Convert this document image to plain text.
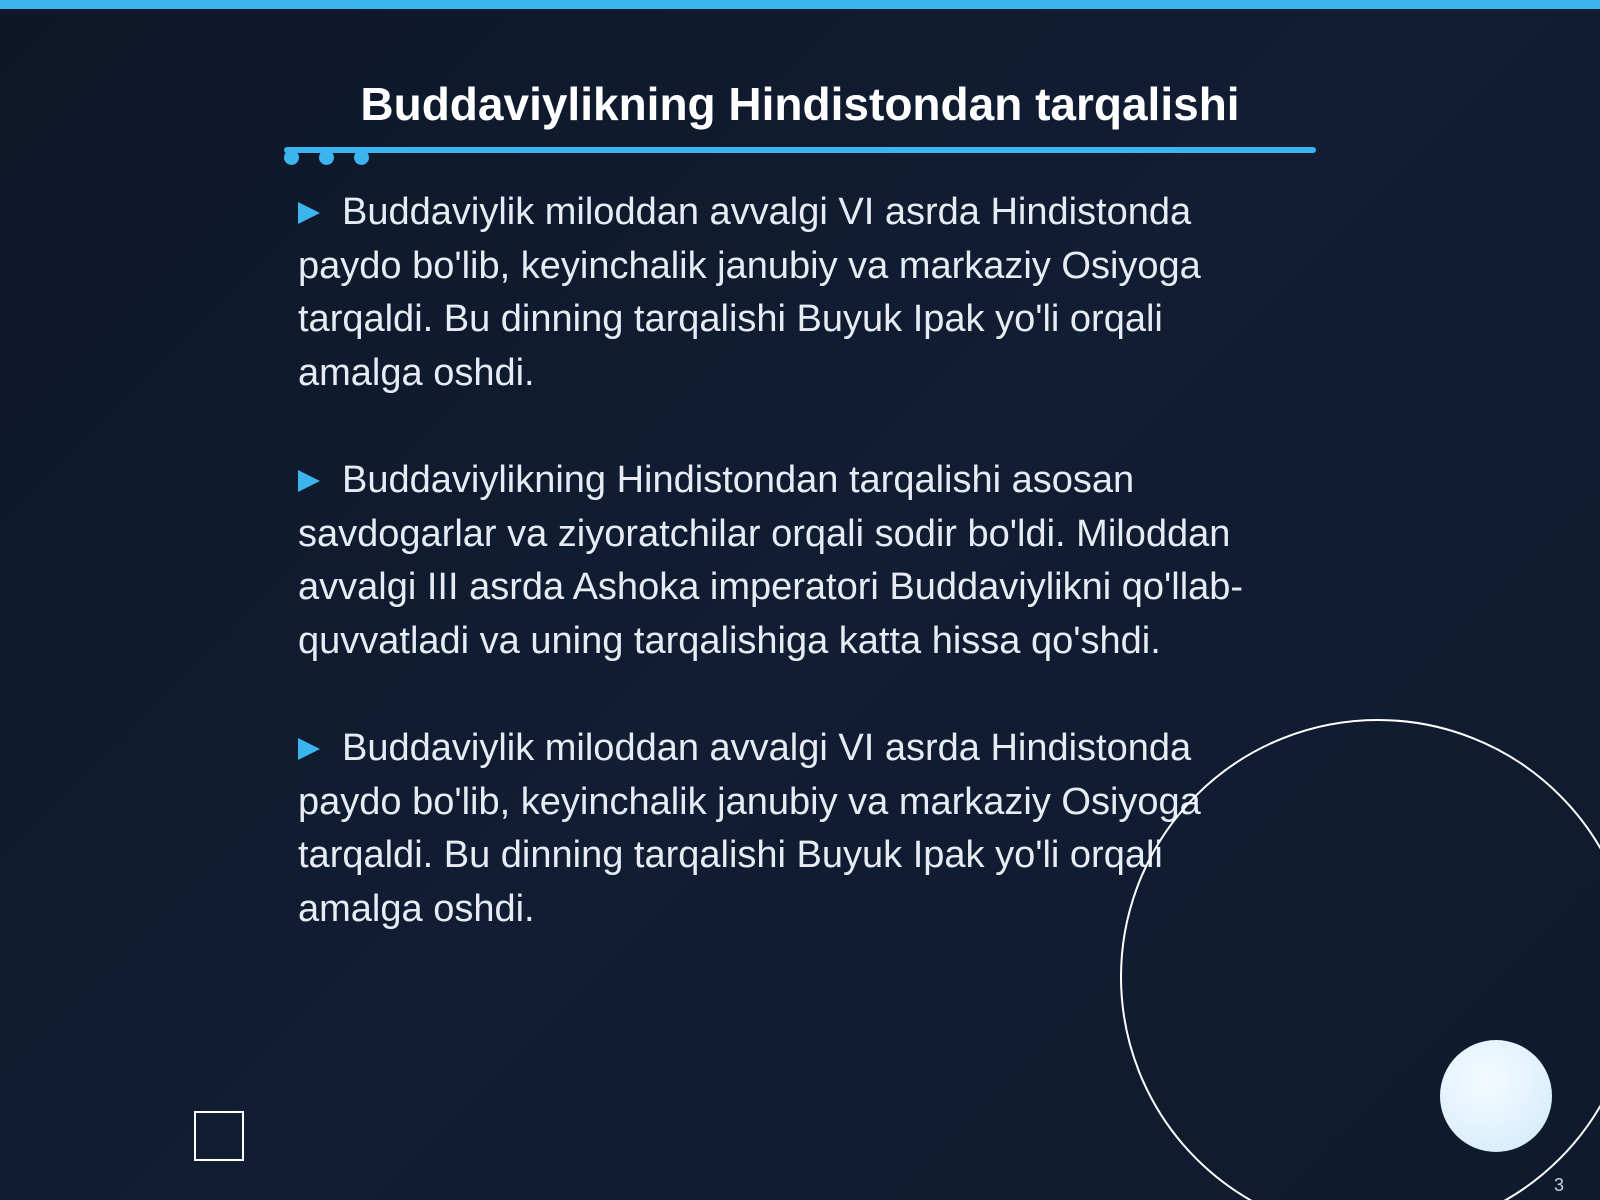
Buddaviylikning Hindistondan tarqalishi
Buddaviylik miloddan avvalgi VI asrda Hindistonda paydo bo'lib, keyinchalik janubiy va markaziy Osiyoga tarqaldi. Bu dinning tarqalishi Buyuk Ipak yo'li orqali amalga oshdi.
Buddaviylikning Hindistondan tarqalishi asosan savdogarlar va ziyoratchilar orqali sodir bo'ldi. Miloddan avvalgi III asrda Ashoka imperatori Buddaviylikni qo'llab-quvvatladi va uning tarqalishiga katta hissa qo'shdi.
Buddaviylik miloddan avvalgi VI asrda Hindistonda paydo bo'lib, keyinchalik janubiy va markaziy Osiyoga tarqaldi. Bu dinning tarqalishi Buyuk Ipak yo'li orqali amalga oshdi.
3
